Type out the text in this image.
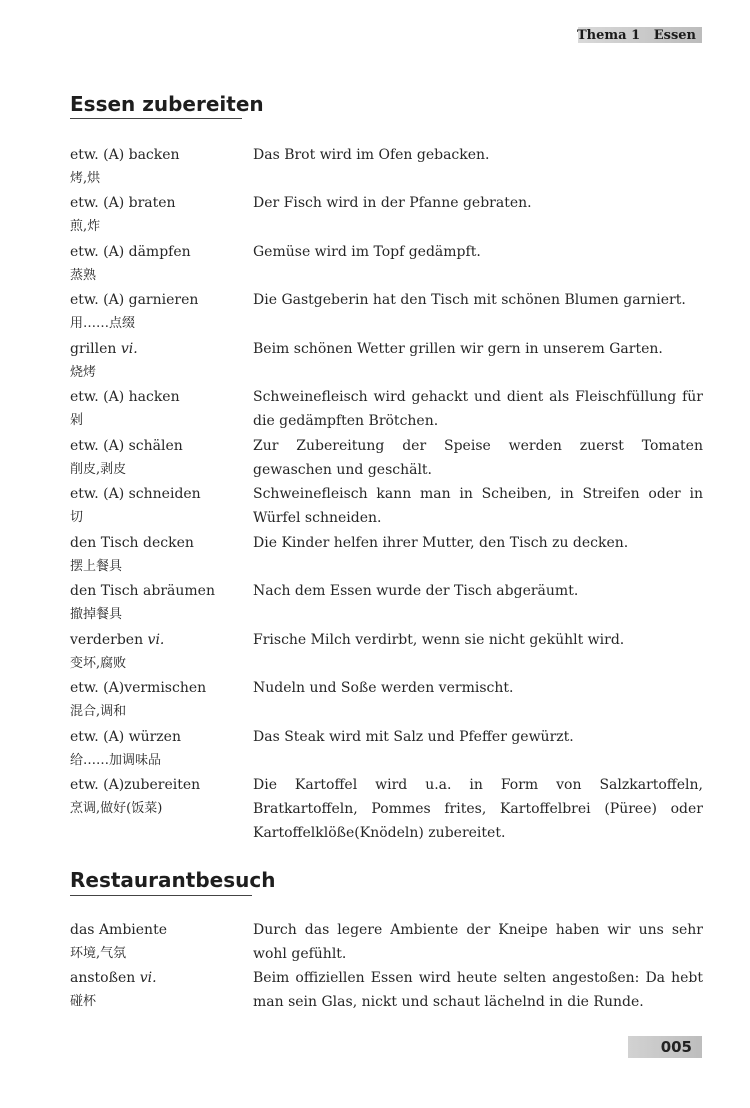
Thema 1   Essen
Essen zubereiten
etw. (A) backen
烤,烘
Das Brot wird im Ofen gebacken.
etw. (A) braten
煎,炸
Der Fisch wird in der Pfanne gebraten.
etw. (A) dämpfen
蒸熟
Gemüse wird im Topf gedämpft.
etw. (A) garnieren
用……点缀
Die Gastgeberin hat den Tisch mit schönen Blumen garniert.
grillen vi.
烧烤
Beim schönen Wetter grillen wir gern in unserem Garten.
etw. (A) hacken
剁
Schweinefleisch wird gehackt und dient als Fleischfüllung für die gedämpften Brötchen.
etw. (A) schälen
削皮,剥皮
Zur Zubereitung der Speise werden zuerst Tomaten gewaschen und geschält.
etw. (A) schneiden
切
Schweinefleisch kann man in Scheiben, in Streifen oder in Würfel schneiden.
den Tisch decken
摆上餐具
Die Kinder helfen ihrer Mutter, den Tisch zu decken.
den Tisch abräumen
撤掉餐具
Nach dem Essen wurde der Tisch abgeräumt.
verderben vi.
变坏,腐败
Frische Milch verdirbt, wenn sie nicht gekühlt wird.
etw. (A)vermischen
混合,调和
Nudeln und Soße werden vermischt.
etw. (A) würzen
给……加调味品
Das Steak wird mit Salz und Pfeffer gewürzt.
etw. (A)zubereiten
烹调,做好(饭菜)
Die Kartoffel wird u.a. in Form von Salzkartoffeln, Bratkartoffeln, Pommes frites, Kartoffelbrei (Püree) oder Kartoffelklöße(Knödeln) zubereitet.
Restaurantbesuch
das Ambiente
环境,气氛
Durch das legere Ambiente der Kneipe haben wir uns sehr wohl gefühlt.
anstoßen vi.
碰杯
Beim offiziellen Essen wird heute selten angestoßen: Da hebt man sein Glas, nickt und schaut lächelnd in die Runde.
005
